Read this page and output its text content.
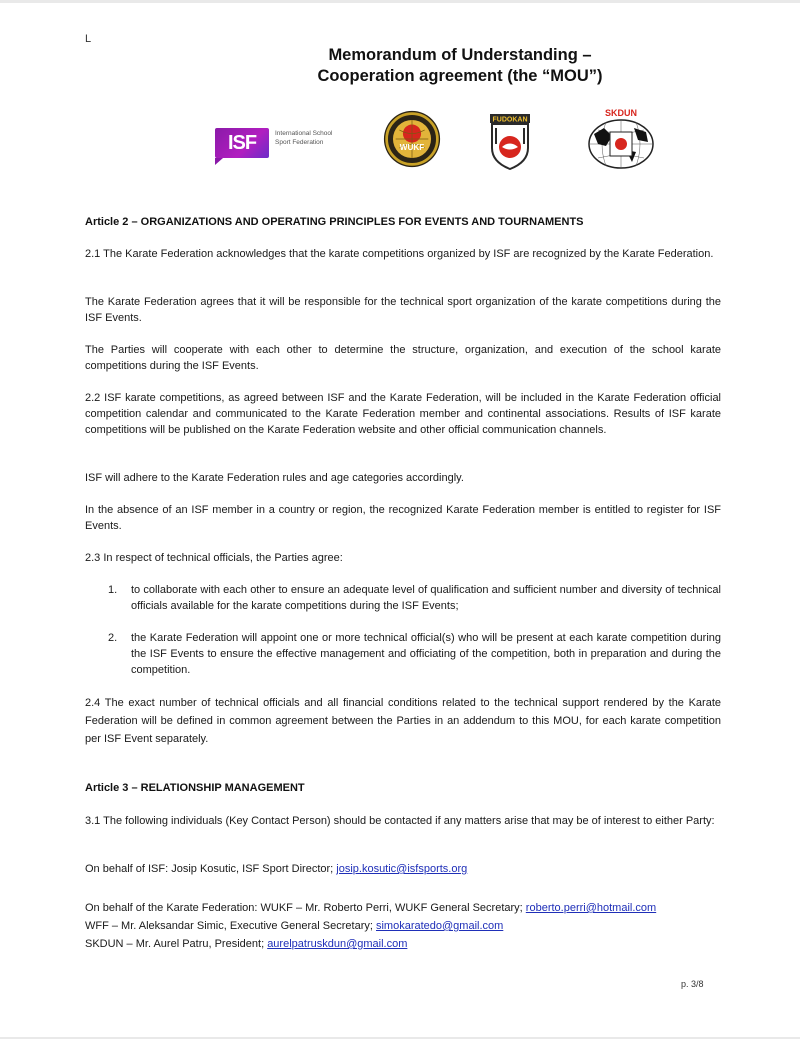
L
Memorandum of Understanding –
Cooperation agreement (the “MOU”)
ISF	International School
Sport Federation
WUKF
FUDOKAN
SKDUN
Article 2 – ORGANIZATIONS AND OPERATING PRINCIPLES FOR EVENTS AND TOURNAMENTS

2.1 The Karate Federation acknowledges that the karate competitions organized by ISF are recognized by the Karate Federation.

The Karate Federation agrees that it will be responsible for the technical sport organization of the karate competitions during the ISF Events.

The Parties will cooperate with each other to determine the structure, organization, and execution of the school karate competitions during the ISF Events.

2.2 ISF karate competitions, as agreed between ISF and the Karate Federation, will be included in the Karate Federation official competition calendar and communicated to the Karate Federation member and continental associations. Results of ISF karate competitions will be published on the Karate Federation website and other official communication channels.

ISF will adhere to the Karate Federation rules and age categories accordingly.

In the absence of an ISF member in a country or region, the recognized Karate Federation member is entitled to register for ISF Events.

2.3 In respect of technical officials, the Parties agree:

1. to collaborate with each other to ensure an adequate level of qualification and sufficient number and diversity of technical officials available for the karate competitions during the ISF Events;
2. the Karate Federation will appoint one or more technical official(s) who will be present at each karate competition during the ISF Events to ensure the effective management and officiating of the competition, both in preparation and during the competition.

2.4 The exact number of technical officials and all financial conditions related to the technical support rendered by the Karate Federation will be defined in common agreement between the Parties in an addendum to this MOU, for each karate competition per ISF Event separately.

Article 3 – RELATIONSHIP MANAGEMENT

3.1 The following individuals (Key Contact Person) should be contacted if any matters arise that may be of interest to either Party:

On behalf of ISF: Josip Kosutic, ISF Sport Director; josip.kosutic@isfsports.org

On behalf of the Karate Federation: WUKF – Mr. Roberto Perri, WUKF General Secretary; roberto.perri@hotmail.com
WFF – Mr. Aleksandar Simic, Executive General Secretary; simokaratedo@gmail.com
SKDUN – Mr. Aurel Patru, President; aurelpatruskdun@gmail.com

p. 3/8
